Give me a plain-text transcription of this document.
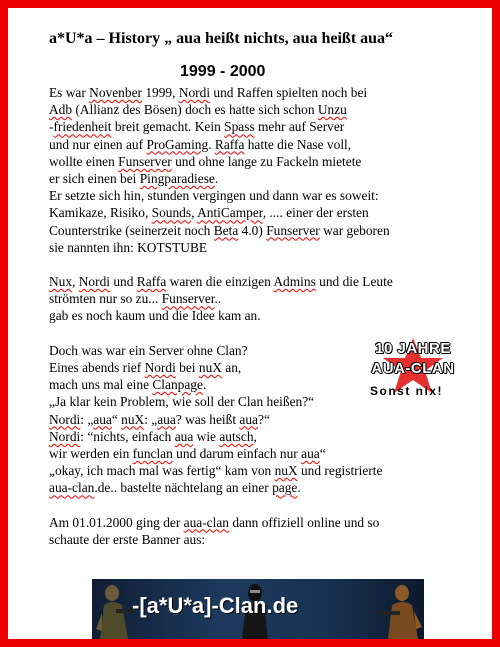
a*U*a – History „ aua heißt nichts, aua heißt aua“
1999 - 2000
Es war Novenber 1999, Nordi und Raffen spielten noch bei
Adb (Allianz des Bösen) doch es hatte sich schon Unzu
-friedenheit breit gemacht. Kein Spass mehr auf Server
und nur einen auf ProGaming. Raffa hatte die Nase voll,
wollte einen Funserver und ohne lange zu Fackeln mietete
er sich einen bei Pingparadiese.
Er setzte sich hin, stunden vergingen und dann war es soweit:
Kamikaze, Risiko, Sounds, AntiCamper, .... einer der ersten
Counterstrike (seinerzeit noch Beta 4.0) Funserver war geboren
sie nannten ihn: KOTSTUBE
Nux, Nordi und Raffa waren die einzigen Admins und die Leute
strömten nur so zu... Funserver..
gab es noch kaum und die Idee kam an.
Doch was war ein Server ohne Clan?
Eines abends rief Nordi bei nuX an,
mach uns mal eine Clanpage.
„Ja klar kein Problem, wie soll der Clan heißen?“
Nordi: „aua“ nuX: „aua? was heißt aua?“
Nordi: “nichts, einfach aua wie autsch,
wir werden ein funclan und darum einfach nur aua“
„okay, ich mach mal was fertig“ kam von nuX und registrierte
aua-clan.de.. bastelte nächtelang an einer page.
Am 01.01.2000 ging der aua-clan dann offiziell online und so
schaute der erste Banner aus:
10 JAHRE
AUA-CLAN
Sonst nix!
-[a*U*a]-Clan.de
